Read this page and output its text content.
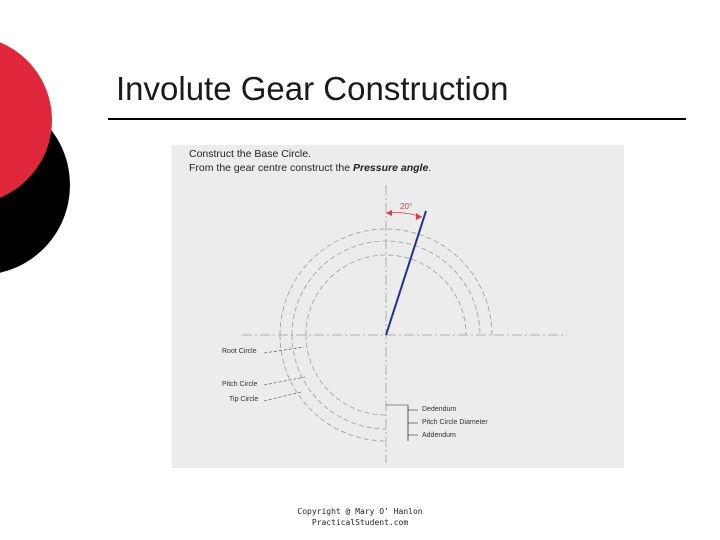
Involute Gear Construction
Construct the Base Circle.
From the gear centre construct the Pressure angle.
20°
Root Circle
Pitch Circle
Tip Circle
Dedendum
Pitch Circle Diameter
Addendum
Copyright @ Mary O' Hanlon
PracticalStudent.com
